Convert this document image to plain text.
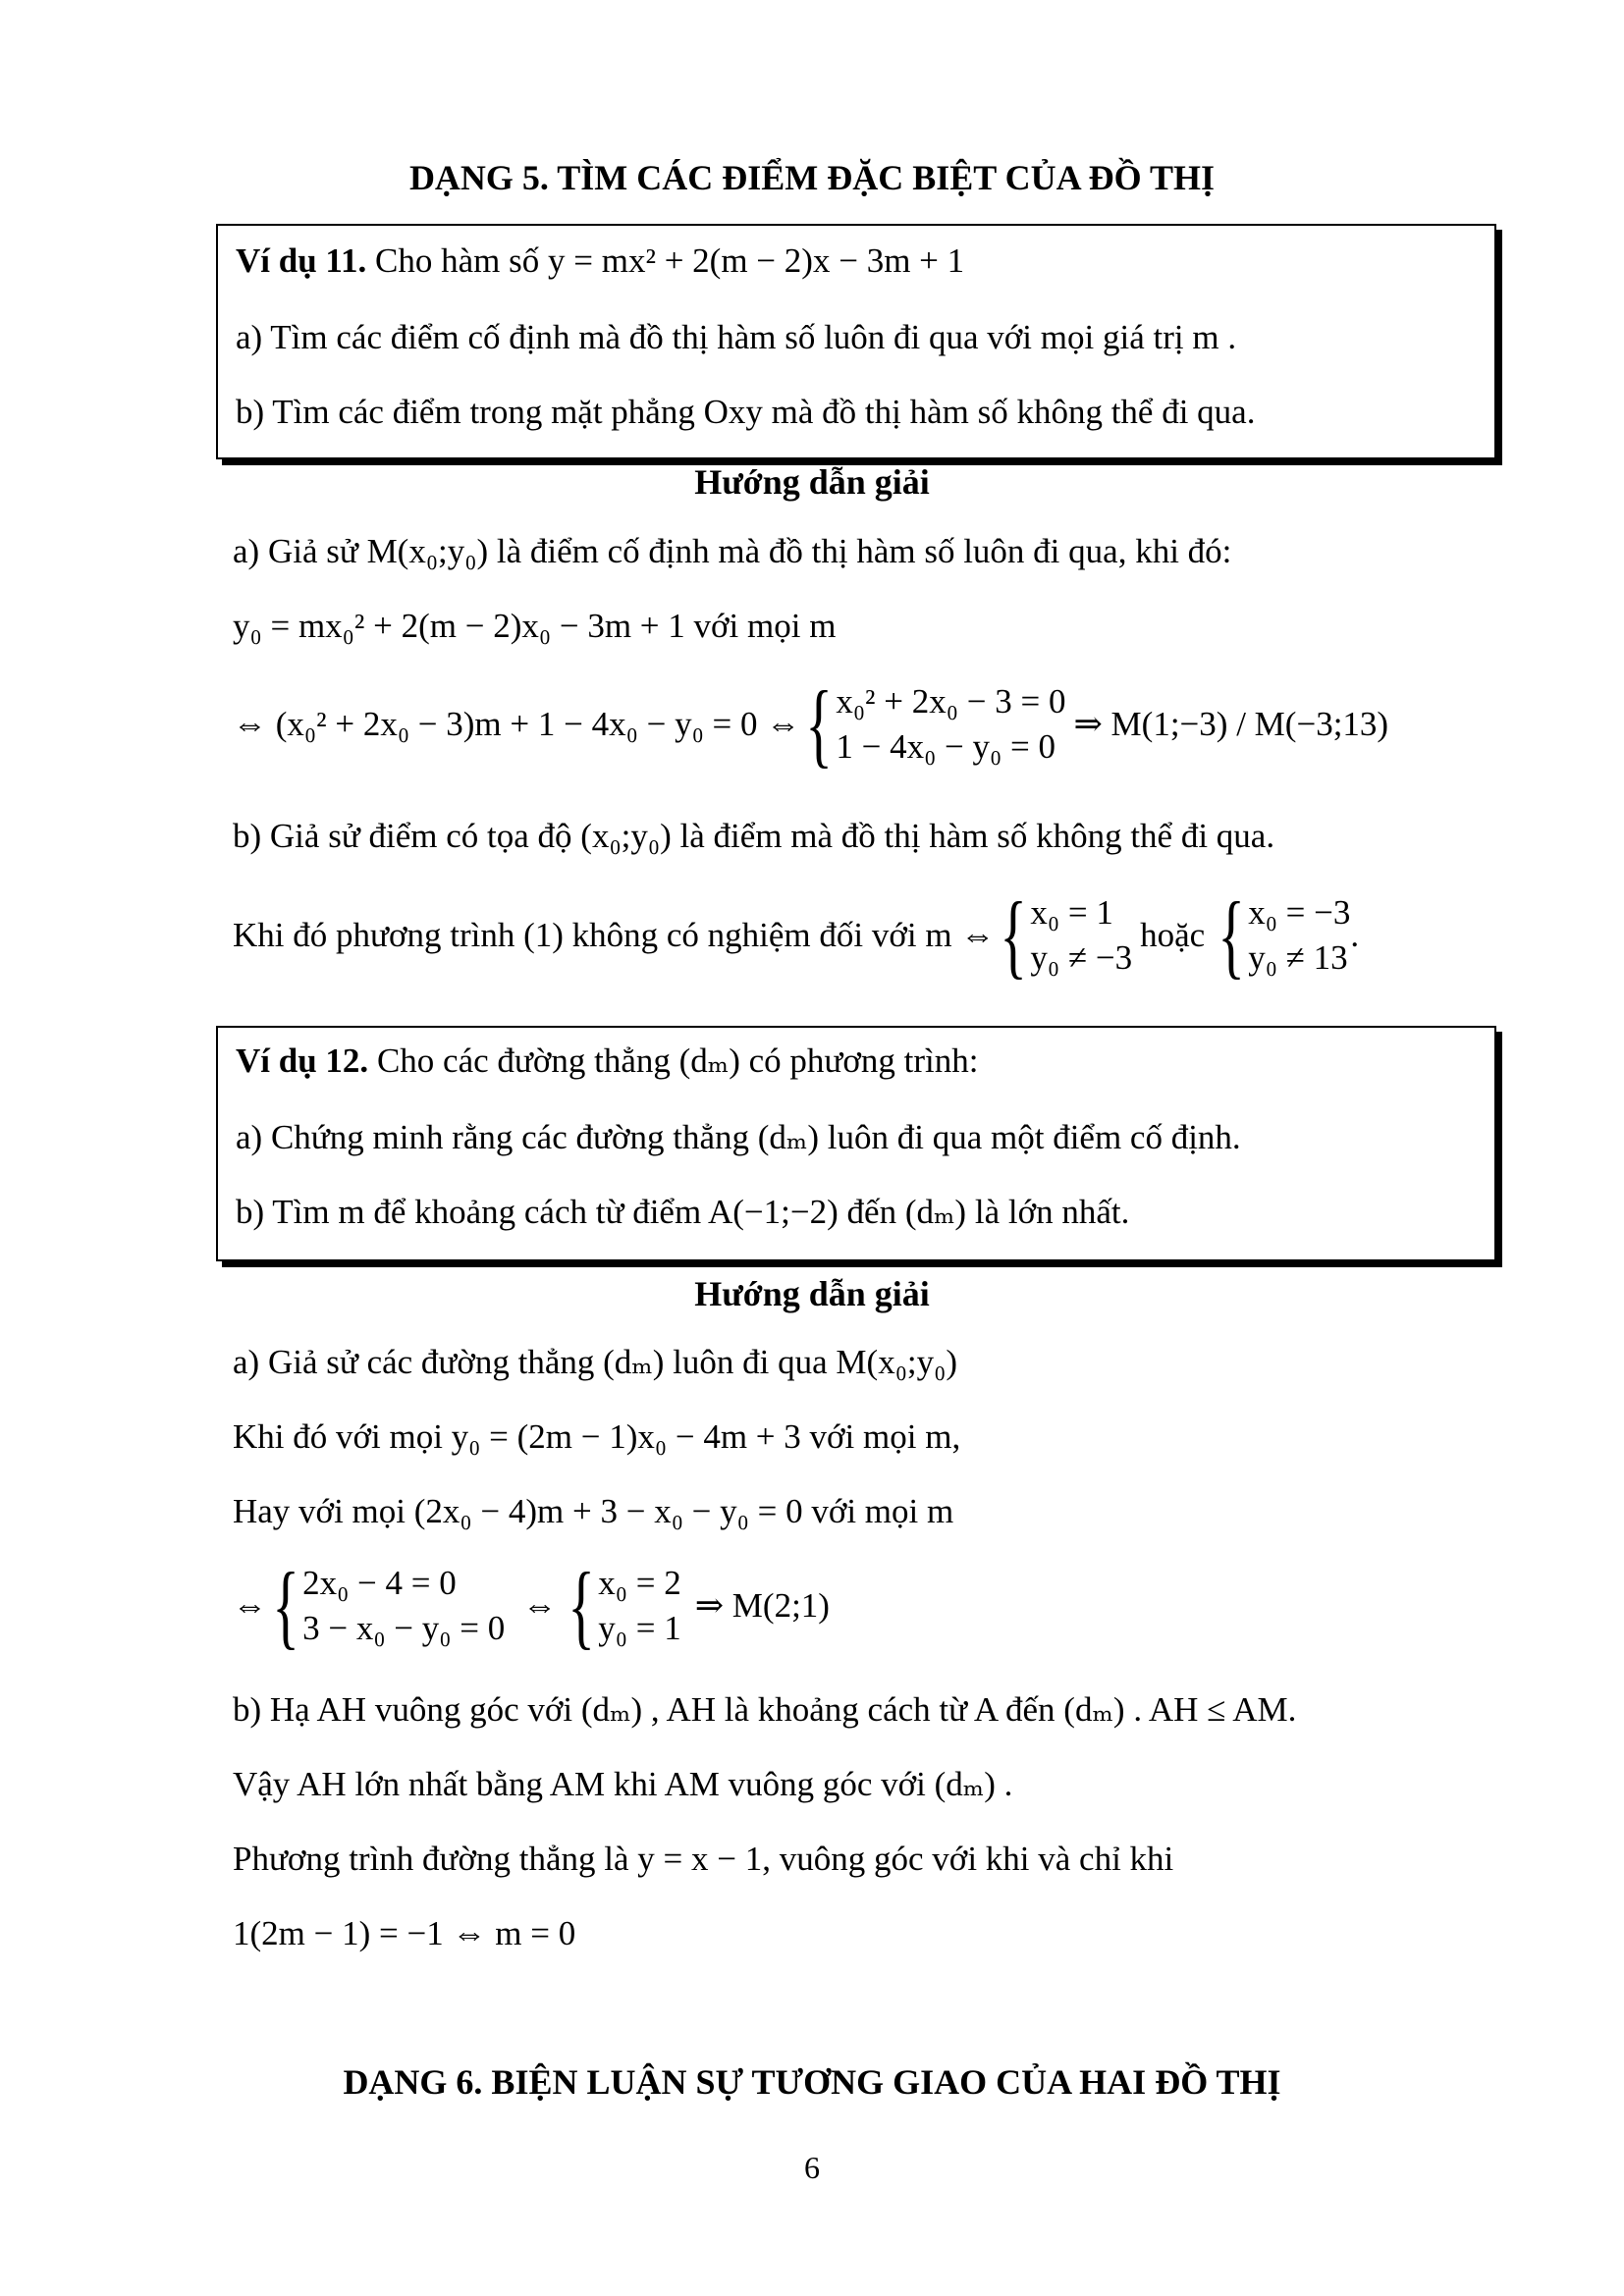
DẠNG 5. TÌM CÁC ĐIỂM ĐẶC BIỆT CỦA ĐỒ THỊ
Ví dụ 11. Cho hàm số y = mx² + 2(m − 2)x − 3m + 1
a) Tìm các điểm cố định mà đồ thị hàm số luôn đi qua với mọi giá trị m .
b) Tìm các điểm trong mặt phẳng Oxy mà đồ thị hàm số không thể đi qua.
Hướng dẫn giải
a) Giả sử M(x₀;y₀) là điểm cố định mà đồ thị hàm số luôn đi qua, khi đó:
y₀ = mx₀² + 2(m − 2)x₀ − 3m + 1 với mọi m
⇔ (x₀² + 2x₀ − 3)m + 1 − 4x₀ − y₀ = 0 ⇔ { x₀² + 2x₀ − 3 = 0
1 − 4x₀ − y₀ = 0
⇒ M(1;−3) / M(−3;13)
b) Giả sử điểm có tọa độ (x₀;y₀) là điểm mà đồ thị hàm số không thể đi qua.
Khi đó phương trình (1) không có nghiệm đối với m ⇔ { x₀ = 1
y₀ ≠ −3
hoặc { x₀ = −3
y₀ ≠ 13
.
Ví dụ 12. Cho các đường thẳng (dₘ) có phương trình:
a) Chứng minh rằng các đường thẳng (dₘ) luôn đi qua một điểm cố định.
b) Tìm m để khoảng cách từ điểm A(−1;−2) đến (dₘ) là lớn nhất.
Hướng dẫn giải
a) Giả sử các đường thẳng (dₘ) luôn đi qua M(x₀;y₀)
Khi đó với mọi y₀ = (2m − 1)x₀ − 4m + 3 với mọi m,
Hay với mọi (2x₀ − 4)m + 3 − x₀ − y₀ = 0 với mọi m
⇔ { 2x₀ − 4 = 0
3 − x₀ − y₀ = 0
⇔ { x₀ = 2
y₀ = 1
⇒ M(2;1)
b) Hạ AH vuông góc với (dₘ) , AH là khoảng cách từ A đến (dₘ) . AH ≤ AM.
Vậy AH lớn nhất bằng AM khi AM vuông góc với (dₘ) .
Phương trình đường thẳng là y = x − 1, vuông góc với khi và chỉ khi
1(2m − 1) = −1 ⇔ m = 0
DẠNG 6. BIỆN LUẬN SỰ TƯƠNG GIAO CỦA HAI ĐỒ THỊ
6
